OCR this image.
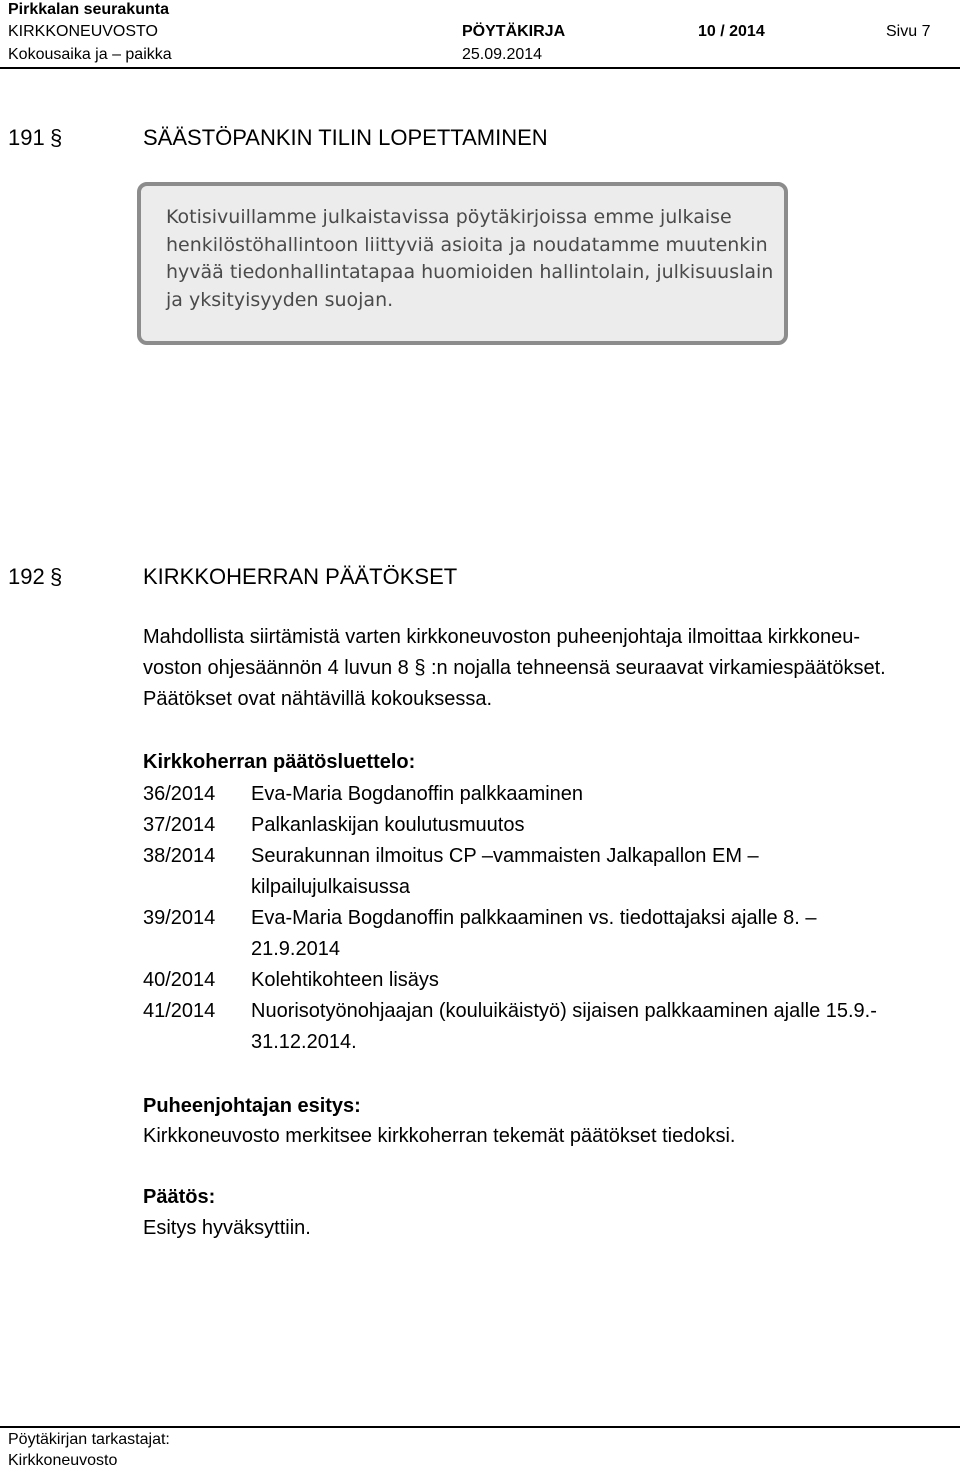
Pirkkalan seurakunta
KIRKKONEUVOSTO	PÖYTÄKIRJA	10 / 2014	Sivu 7
Kokousaika ja – paikka	25.09.2014
191 §	SÄÄSTÖPANKIN TILIN LOPETTAMINEN
Kotisivuillamme julkaistavissa pöytäkirjoissa emme julkaise henkilöstöhallintoon liittyviä asioita ja noudatamme muutenkin hyvää tiedonhallintatapaa huomioiden hallintolain, julkisuuslain ja yksityisyyden suojan.
192 §	KIRKKOHERRAN PÄÄTÖKSET
Mahdollista siirtämistä varten kirkkoneuvoston puheenjohtaja ilmoittaa kirkkoneu-
voston ohjesäännön 4 luvun 8 § :n nojalla tehneensä seuraavat virkamiespäätökset.
Päätökset ovat nähtävillä kokouksessa.
Kirkkoherran päätösluettelo:
36/2014 Eva-Maria Bogdanoffin palkkaaminen
37/2014 Palkanlaskijan koulutusmuutos
38/2014 Seurakunnan ilmoitus CP –vammaisten Jalkapallon EM –
kilpailujulkaisussa
39/2014 Eva-Maria Bogdanoffin palkkaaminen vs. tiedottajaksi ajalle 8. –
21.9.2014
40/2014 Kolehtikohteen lisäys
41/2014 Nuorisotyönohjaajan (kouluikäistyö) sijaisen palkkaaminen ajalle 15.9.-
31.12.2014.
Puheenjohtajan esitys:
Kirkkoneuvosto merkitsee kirkkoherran tekemät päätökset tiedoksi.
Päätös:
Esitys hyväksyttiin.
Pöytäkirjan tarkastajat:
Kirkkoneuvosto
